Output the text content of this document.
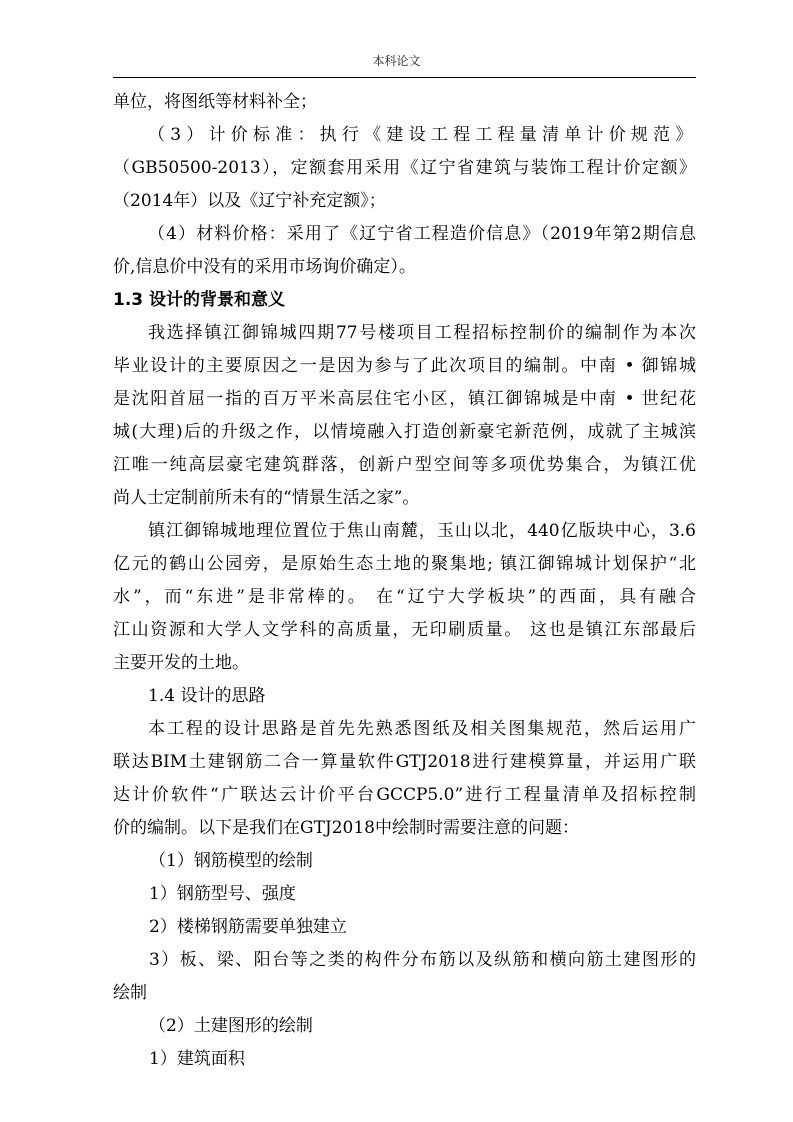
本科论文
单位，将图纸等材料补全；
（3）计价标准：执行《建设工程工程量清单计价规范》
（GB50500-2013），定额套用采用《辽宁省建筑与装饰工程计价定额》
（2014年）以及《辽宁补充定额》；
（4）材料价格：采用了《辽宁省工程造价信息》（2019年第2期信息
价,信息价中没有的采用市场询价确定）。
1.3 设计的背景和意义
我选择镇江御锦城四期77号楼项目工程招标控制价的编制作为本次
毕业设计的主要原因之一是因为参与了此次项目的编制。中南 • 御锦城
是沈阳首屈一指的百万平米高层住宅小区，镇江御锦城是中南 • 世纪花
城(大理)后的升级之作，以情境融入打造创新豪宅新范例，成就了主城滨
江唯一纯高层豪宅建筑群落，创新户型空间等多项优势集合，为镇江优
尚人士定制前所未有的“情景生活之家”。
镇江御锦城地理位置位于焦山南麓，玉山以北，440亿版块中心，3.6
亿元的鹤山公园旁，是原始生态土地的聚集地; 镇江御锦城计划保护“北
水”，而“东进”是非常棒的。 在“辽宁大学板块”的西面，具有融合
江山资源和大学人文学科的高质量，无印刷质量。 这也是镇江东部最后
主要开发的土地。
1.4 设计的思路
本工程的设计思路是首先先熟悉图纸及相关图集规范，然后运用广
联达BIM土建钢筋二合一算量软件GTJ2018进行建模算量，并运用广联
达计价软件“广联达云计价平台GCCP5.0”进行工程量清单及招标控制
价的编制。以下是我们在GTJ2018中绘制时需要注意的问题：
（1）钢筋模型的绘制
1）钢筋型号、强度
2）楼梯钢筋需要单独建立
3）板、梁、阳台等之类的构件分布筋以及纵筋和横向筋土建图形的
绘制
（2）土建图形的绘制
1）建筑面积
